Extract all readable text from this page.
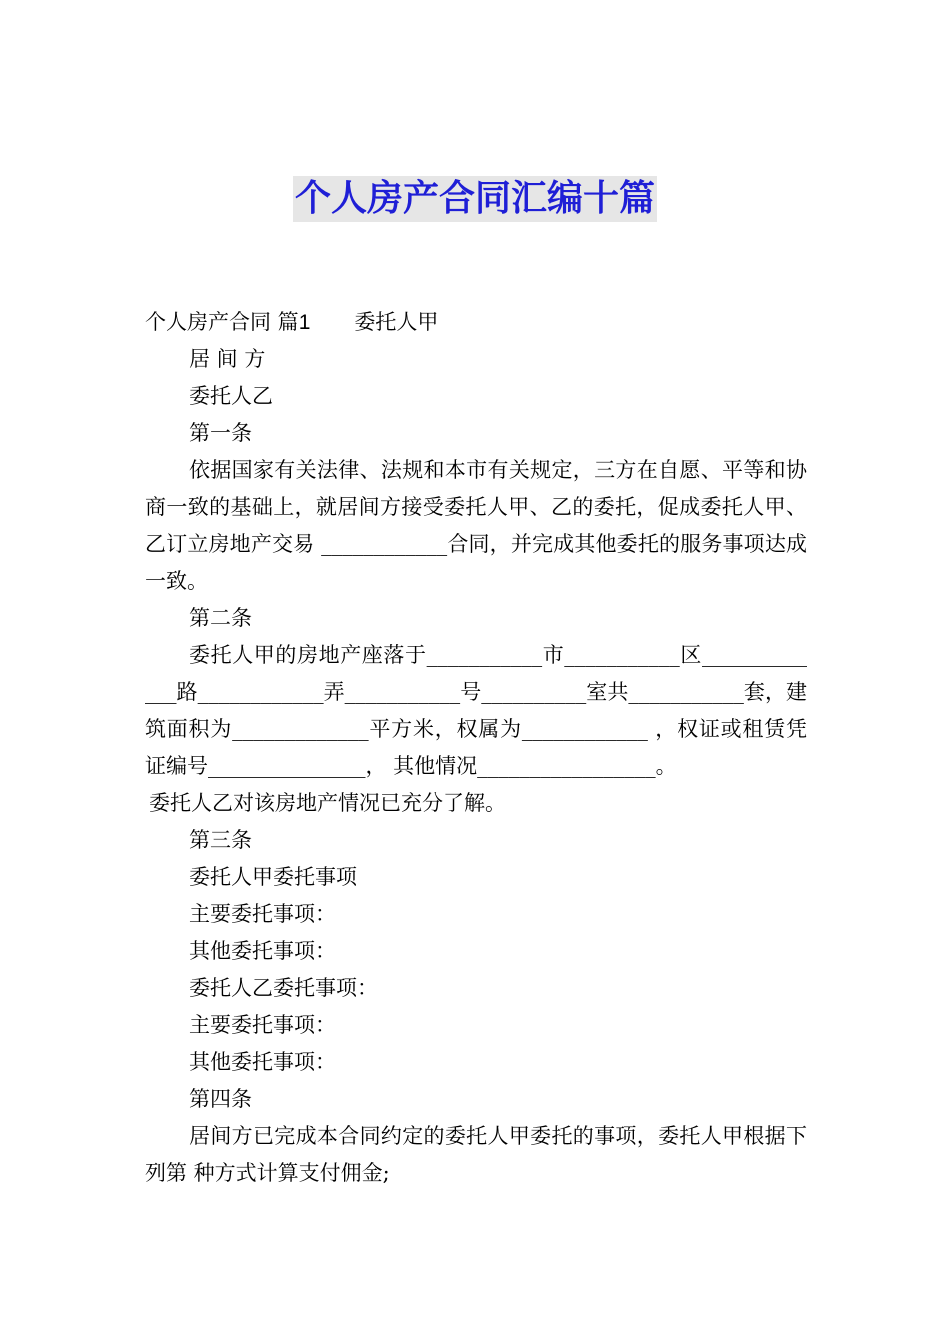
个人房产合同汇编十篇

个人房产合同 篇1 委托人甲

居 间 方

委托人乙

第一条

依据国家有关法律、法规和本市有关规定，三方在自愿、平等和协商一致的基础上，就居间方接受委托人甲、乙的委托，促成委托人甲、乙订立房地产交易 ____________合同，并完成其他委托的服务事项达成一致。

第二条

委托人甲的房地产座落于___________市___________区_____________路____________弄___________号__________室共___________套，建筑面积为_____________平方米，权属为____________ ，权证或租赁凭证编号_______________， 其他情况_________________。

委托人乙对该房地产情况已充分了解。

第三条

委托人甲委托事项

主要委托事项：

其他委托事项：

委托人乙委托事项：

主要委托事项：

其他委托事项：

第四条

居间方已完成本合同约定的委托人甲委托的事项，委托人甲根据下列第 种方式计算支付佣金;
